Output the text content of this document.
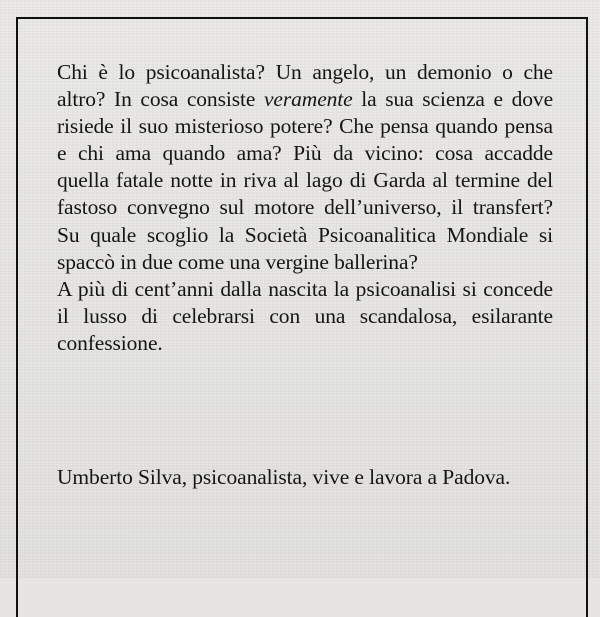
Chi è lo psicoanalista? Un angelo, un demonio o che altro? In cosa consiste veramente la sua scienza e dove risiede il suo misterioso potere? Che pensa quando pensa e chi ama quando ama? Più da vicino: cosa accadde quella fatale notte in riva al lago di Garda al termine del fastoso convegno sul motore dell’universo, il transfert? Su quale scoglio la Società Psicoanalitica Mondiale si spaccò in due come una vergine ballerina?

A più di cent’anni dalla nascita la psicoanalisi si concede il lusso di celebrarsi con una scandalosa, esilarante confessione.

Umberto Silva, psicoanalista, vive e lavora a Padova.
